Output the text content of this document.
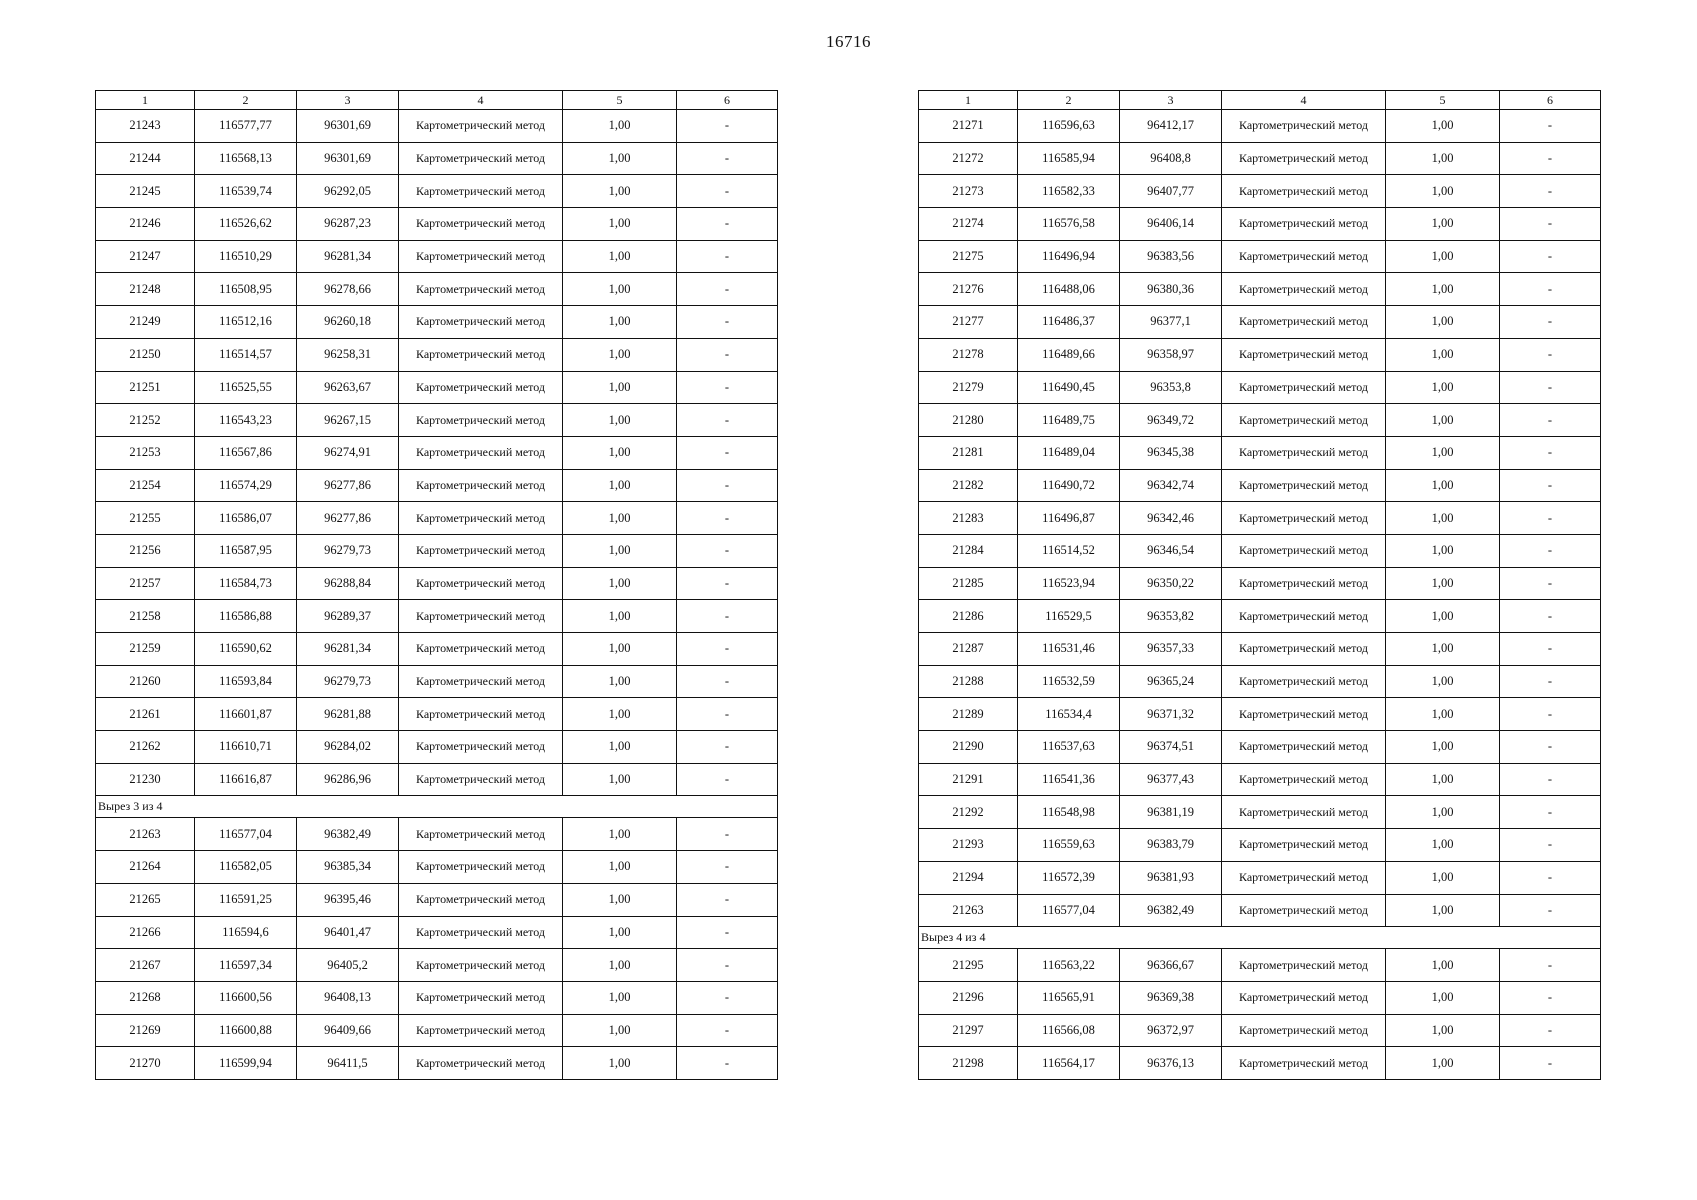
16716
1	2	3	4	5	6
21243	116577,77	96301,69	Картометрический метод	1,00	-
21244	116568,13	96301,69	Картометрический метод	1,00	-
21245	116539,74	96292,05	Картометрический метод	1,00	-
21246	116526,62	96287,23	Картометрический метод	1,00	-
21247	116510,29	96281,34	Картометрический метод	1,00	-
21248	116508,95	96278,66	Картометрический метод	1,00	-
21249	116512,16	96260,18	Картометрический метод	1,00	-
21250	116514,57	96258,31	Картометрический метод	1,00	-
21251	116525,55	96263,67	Картометрический метод	1,00	-
21252	116543,23	96267,15	Картометрический метод	1,00	-
21253	116567,86	96274,91	Картометрический метод	1,00	-
21254	116574,29	96277,86	Картометрический метод	1,00	-
21255	116586,07	96277,86	Картометрический метод	1,00	-
21256	116587,95	96279,73	Картометрический метод	1,00	-
21257	116584,73	96288,84	Картометрический метод	1,00	-
21258	116586,88	96289,37	Картометрический метод	1,00	-
21259	116590,62	96281,34	Картометрический метод	1,00	-
21260	116593,84	96279,73	Картометрический метод	1,00	-
21261	116601,87	96281,88	Картометрический метод	1,00	-
21262	116610,71	96284,02	Картометрический метод	1,00	-
21230	116616,87	96286,96	Картометрический метод	1,00	-
Вырез 3 из 4					
21263	116577,04	96382,49	Картометрический метод	1,00	-
21264	116582,05	96385,34	Картометрический метод	1,00	-
21265	116591,25	96395,46	Картометрический метод	1,00	-
21266	116594,6	96401,47	Картометрический метод	1,00	-
21267	116597,34	96405,2	Картометрический метод	1,00	-
21268	116600,56	96408,13	Картометрический метод	1,00	-
21269	116600,88	96409,66	Картометрический метод	1,00	-
21270	116599,94	96411,5	Картометрический метод	1,00	-
1	2	3	4	5	6
21271	116596,63	96412,17	Картометрический метод	1,00	-
21272	116585,94	96408,8	Картометрический метод	1,00	-
21273	116582,33	96407,77	Картометрический метод	1,00	-
21274	116576,58	96406,14	Картометрический метод	1,00	-
21275	116496,94	96383,56	Картометрический метод	1,00	-
21276	116488,06	96380,36	Картометрический метод	1,00	-
21277	116486,37	96377,1	Картометрический метод	1,00	-
21278	116489,66	96358,97	Картометрический метод	1,00	-
21279	116490,45	96353,8	Картометрический метод	1,00	-
21280	116489,75	96349,72	Картометрический метод	1,00	-
21281	116489,04	96345,38	Картометрический метод	1,00	-
21282	116490,72	96342,74	Картометрический метод	1,00	-
21283	116496,87	96342,46	Картометрический метод	1,00	-
21284	116514,52	96346,54	Картометрический метод	1,00	-
21285	116523,94	96350,22	Картометрический метод	1,00	-
21286	116529,5	96353,82	Картометрический метод	1,00	-
21287	116531,46	96357,33	Картометрический метод	1,00	-
21288	116532,59	96365,24	Картометрический метод	1,00	-
21289	116534,4	96371,32	Картометрический метод	1,00	-
21290	116537,63	96374,51	Картометрический метод	1,00	-
21291	116541,36	96377,43	Картометрический метод	1,00	-
21292	116548,98	96381,19	Картометрический метод	1,00	-
21293	116559,63	96383,79	Картометрический метод	1,00	-
21294	116572,39	96381,93	Картометрический метод	1,00	-
21263	116577,04	96382,49	Картометрический метод	1,00	-
Вырез 4 из 4					
21295	116563,22	96366,67	Картометрический метод	1,00	-
21296	116565,91	96369,38	Картометрический метод	1,00	-
21297	116566,08	96372,97	Картометрический метод	1,00	-
21298	116564,17	96376,13	Картометрический метод	1,00	-
